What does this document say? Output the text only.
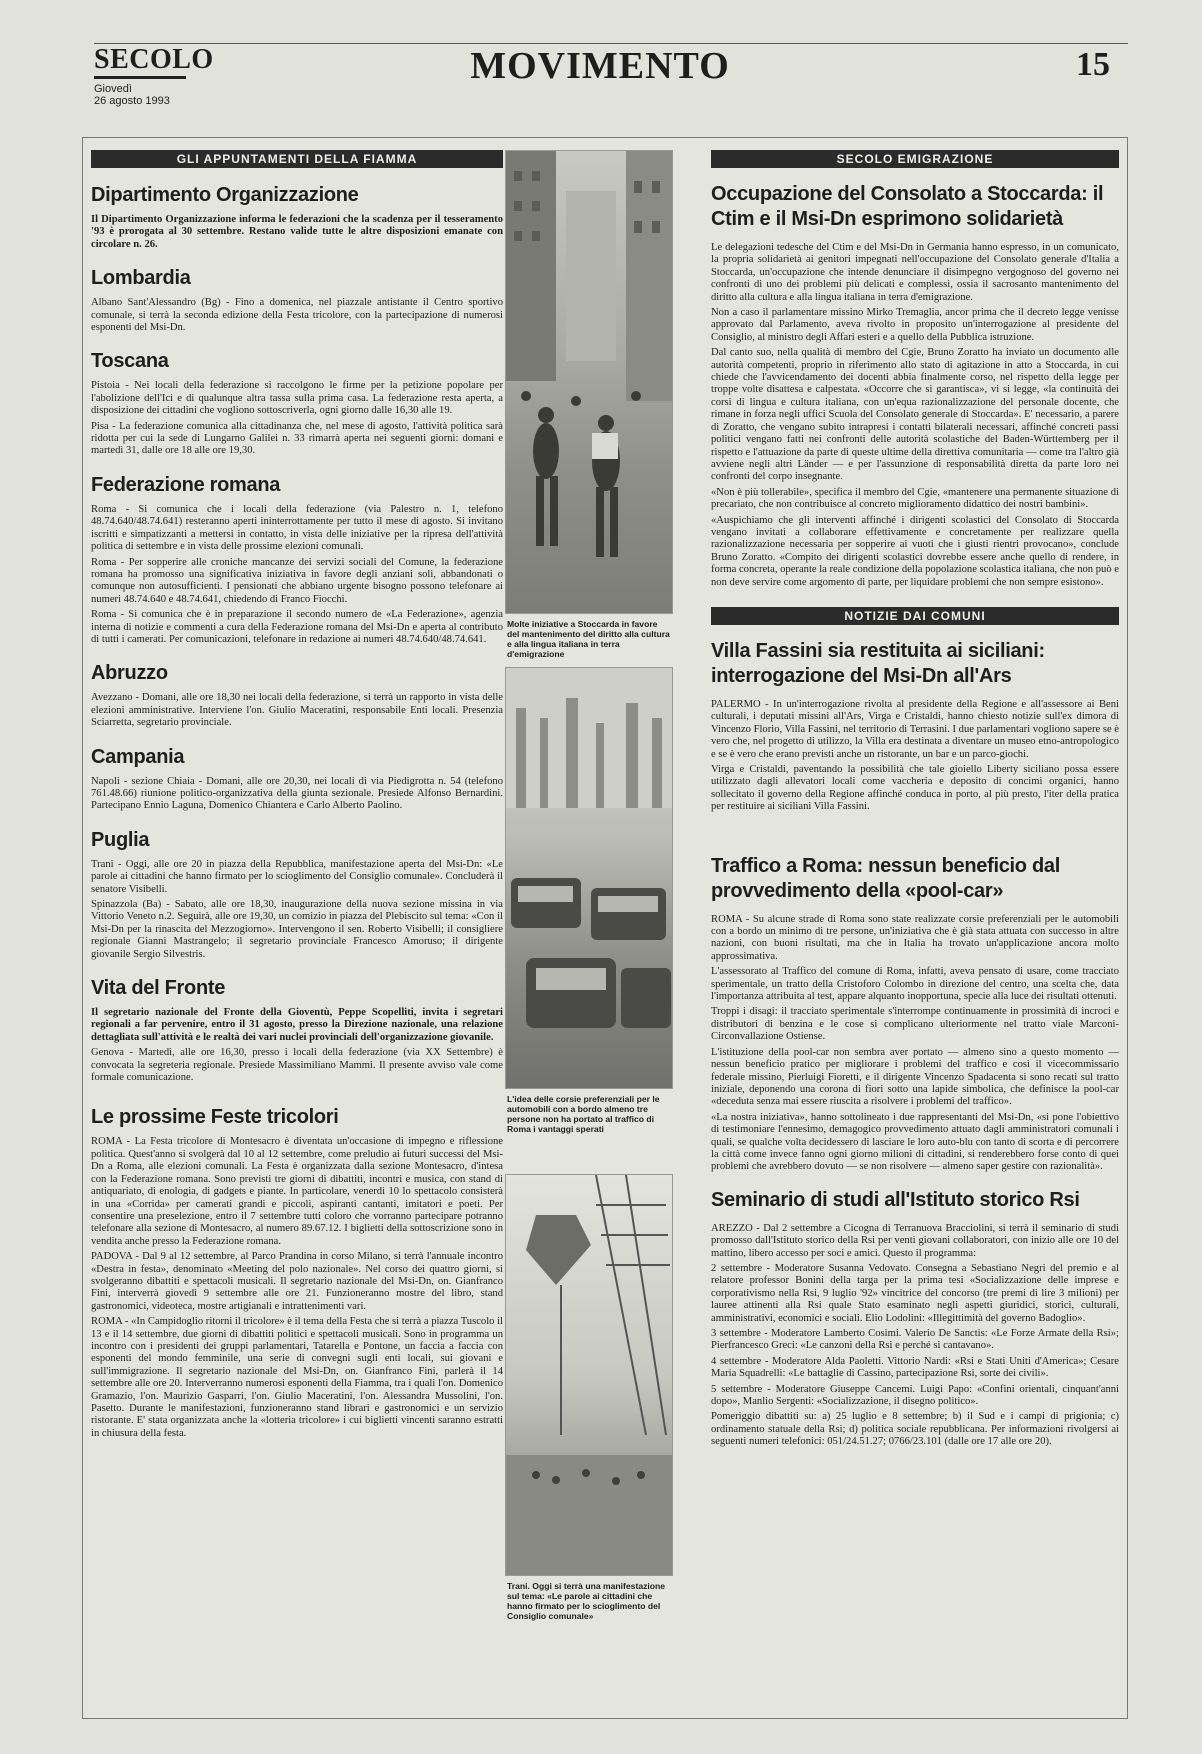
SECOLO
Giovedì
26 agosto 1993
MOVIMENTO	15
GLI APPUNTAMENTI DELLA FIAMMA
Dipartimento Organizzazione

Il Dipartimento Organizzazione informa le federazioni che la scadenza per il tesseramento '93 è prorogata al 30 settembre. Restano valide tutte le altre disposizioni emanate con circolare n. 26.

Lombardia

Albano Sant'Alessandro (Bg) - Fino a domenica, nel piazzale antistante il Centro sportivo comunale, si terrà la seconda edizione della Festa tricolore, con la partecipazione di numerosi esponenti del Msi-Dn.

Toscana

Pistoia - Nei locali della federazione si raccolgono le firme per la petizione popolare per l'abolizione dell'Ici e di qualunque altra tassa sulla prima casa. La federazione resta aperta, a disposizione dei cittadini che vogliono sottoscriverla, ogni giorno dalle 16,30 alle 19.

Pisa - La federazione comunica alla cittadinanza che, nel mese di agosto, l'attività politica sarà ridotta per cui la sede di Lungarno Galilei n. 33 rimarrà aperta nei seguenti giorni: domani e martedì 31, dalle ore 18 alle ore 19,30.

Federazione romana

Roma - Si comunica che i locali della federazione (via Palestro n. 1, telefono 48.74.640/48.74.641) resteranno aperti ininterrottamente per tutto il mese di agosto. Si invitano iscritti e simpatizzanti a mettersi in contatto, in vista delle iniziative per la ripresa dell'attività politica di settembre e in vista delle prossime elezioni comunali.

Roma - Per sopperire alle croniche mancanze dei servizi sociali del Comune, la federazione romana ha promosso una significativa iniziativa in favore degli anziani soli, abbandonati o comunque non autosufficienti. I pensionati che abbiano urgente bisogno possono telefonare ai numeri 48.74.640 e 48.74.641, chiedendo di Franco Fiocchi.

Roma - Si comunica che è in preparazione il secondo numero de «La Federazione», agenzia interna di notizie e commenti a cura della Federazione romana del Msi-Dn e aperta al contributo di tutti i camerati. Per comunicazioni, telefonare in redazione ai numeri 48.74.640/48.74.641.

Abruzzo

Avezzano - Domani, alle ore 18,30 nei locali della federazione, si terrà un rapporto in vista delle elezioni amministrative. Interviene l'on. Giulio Maceratini, responsabile Enti locali. Presenzia Sciarretta, segretario provinciale.

Campania

Napoli - sezione Chiaia - Domani, alle ore 20,30, nei locali di via Piedigrotta n. 54 (telefono 761.48.66) riunione politico-organizzativa della giunta sezionale. Presiede Alfonso Bernardini. Partecipano Ennio Laguna, Domenico Chiantera e Carlo Alberto Paolino.

Puglia

Trani - Oggi, alle ore 20 in piazza della Repubblica, manifestazione aperta del Msi-Dn: «Le parole ai cittadini che hanno firmato per lo scioglimento del Consiglio comunale». Concluderà il senatore Visibelli.

Spinazzola (Ba) - Sabato, alle ore 18,30, inaugurazione della nuova sezione missina in via Vittorio Veneto n.2. Seguirà, alle ore 19,30, un comizio in piazza del Plebiscito sul tema: «Con il Msi-Dn per la rinascita del Mezzogiorno». Intervengono il sen. Roberto Visibelli; il consigliere regionale Gianni Mastrangelo; il segretario provinciale Francesco Amoruso; il dirigente giovanile Sergio Silvestris.

Vita del Fronte

Il segretario nazionale del Fronte della Gioventù, Peppe Scopelliti, invita i segretari regionali a far pervenire, entro il 31 agosto, presso la Direzione nazionale, una relazione dettagliata sull'attività e le realtà dei vari nuclei provinciali dell'organizzazione giovanile.

Genova - Martedì, alle ore 16,30, presso i locali della federazione (via XX Settembre) è convocata la segreteria regionale. Presiede Massimiliano Mammi. Il presente avviso vale come formale comunicazione.

Le prossime Feste tricolori

ROMA - La Festa tricolore di Montesacro è diventata un'occasione di impegno e riflessione politica. Quest'anno si svolgerà dal 10 al 12 settembre, come preludio ai futuri successi del Msi-Dn a Roma, alle elezioni comunali. La Festa è organizzata dalla sezione Montesacro, d'intesa con la Federazione romana. Sono previsti tre giorni di dibattiti, incontri e musica, con stand di antiquariato, di enologia, di gadgets e piante. In particolare, venerdì 10 lo spettacolo consisterà in una «Corrida» per camerati grandi e piccoli, aspiranti cantanti, imitatori e poeti. Per consentire una preselezione, entro il 7 settembre tutti coloro che vorranno partecipare potranno telefonare alla sezione di Montesacro, al numero 89.67.12. I biglietti della sottoscrizione sono in vendita anche presso la Federazione romana.

PADOVA - Dal 9 al 12 settembre, al Parco Prandina in corso Milano, si terrà l'annuale incontro «Destra in festa», denominato «Meeting del polo nazionale». Nel corso dei quattro giorni, si svolgeranno dibattiti e spettacoli musicali. Il segretario nazionale del Msi-Dn, on. Gianfranco Fini, interverrà giovedì 9 settembre alle ore 21. Funzioneranno mostre del libro, stand gastronomici, videoteca, mostre artigianali e intrattenimenti vari.

ROMA - «In Campidoglio ritorni il tricolore» è il tema della Festa che si terrà a piazza Tuscolo il 13 e il 14 settembre, due giorni di dibattiti politici e spettacoli musicali. Sono in programma un incontro con i presidenti dei gruppi parlamentari, Tatarella e Pontone, un faccia a faccia con esponenti del mondo femminile, una serie di convegni sugli enti locali, sui giovani e sull'immigrazione. Il segretario nazionale del Msi-Dn, on. Gianfranco Fini, parlerà il 14 settembre alle ore 20. Interverranno numerosi esponenti della Fiamma, tra i quali l'on. Domenico Gramazio, l'on. Maurizio Gasparri, l'on. Giulio Maceratini, l'on. Alessandra Mussolini, l'on. Pasetto. Durante le manifestazioni, funzioneranno stand librari e gastronomici e un servizio ristorante. E' stata organizzata anche la «lotteria tricolore» i cui biglietti vincenti saranno estratti in chiusura della festa.

Molte iniziative a Stoccarda in favore del mantenimento del diritto alla cultura e alla lingua italiana in terra d'emigrazione
L'idea delle corsie preferenziali per le automobili con a bordo almeno tre persone non ha portato al traffico di Roma i vantaggi sperati
Trani. Oggi si terrà una manifestazione sul tema: «Le parole ai cittadini che hanno firmato per lo scioglimento del Consiglio comunale»
SECOLO EMIGRAZIONE
Occupazione del Consolato a Stoccarda: il Ctim e il Msi-Dn esprimono solidarietà

Le delegazioni tedesche del Ctim e del Msi-Dn in Germania hanno espresso, in un comunicato, la propria solidarietà ai genitori impegnati nell'occupazione del Consolato generale d'Italia a Stoccarda, un'occupazione che intende denunciare il disimpegno vergognoso del governo nei confronti di uno dei problemi più delicati e complessi, ossia il sacrosanto mantenimento del diritto alla cultura e alla lingua italiana in terra d'emigrazione.

Non a caso il parlamentare missino Mirko Tremaglia, ancor prima che il decreto legge venisse approvato dal Parlamento, aveva rivolto in proposito un'interrogazione al presidente del Consiglio, al ministro degli Affari esteri e a quello della Pubblica istruzione.

Dal canto suo, nella qualità di membro del Cgie, Bruno Zoratto ha inviato un documento alle autorità competenti, proprio in riferimento allo stato di agitazione in atto a Stoccarda, in cui chiede che l'avvicendamento dei docenti abbia finalmente corso, nel rispetto della legge per troppe volte disattesa e calpestata. «Occorre che si garantisca», vi si legge, «la continuità dei corsi di lingua e cultura italiana, con un'equa razionalizzazione del personale docente, che rimane in forza negli uffici Scuola del Consolato generale di Stoccarda». E' necessario, a parere di Zoratto, che vengano subito intrapresi i contatti bilaterali necessari, affinché concreti passi politici vengano fatti nei confronti delle autorità scolastiche del Baden-Württemberg per il rispetto e l'attuazione da parte di queste ultime della direttiva comunitaria — come tra l'altro già avviene negli altri Länder — e per l'assunzione di responsabilità diretta da parte loro nei confronti del corpo insegnante.

«Non è più tollerabile», specifica il membro del Cgie, «mantenere una permanente situazione di precariato, che non contribuisce al concreto miglioramento didattico dei nostri bambini».

«Auspichiamo che gli interventi affinché i dirigenti scolastici del Consolato di Stoccarda vengano invitati a collaborare effettivamente e concretamente per realizzare quella razionalizzazione necessaria per sopperire ai vuoti che i giusti rientri provocano», conclude Bruno Zoratto. «Compito dei dirigenti scolastici dovrebbe essere anche quello di rendere, in forma concreta, operante la reale condizione della popolazione scolastica italiana, che non può e non deve servire come argomento di parte, per liquidare problemi che non sempre esistono».

NOTIZIE DAI COMUNI
Villa Fassini sia restituita ai siciliani: interrogazione del Msi-Dn all'Ars

PALERMO - In un'interrogazione rivolta al presidente della Regione e all'assessore ai Beni culturali, i deputati missini all'Ars, Virga e Cristaldi, hanno chiesto notizie sull'ex dimora di Vincenzo Florio, Villa Fassini, nel territorio di Terrasini. I due parlamentari vogliono sapere se è vero che, nel progetto di utilizzo, la Villa era destinata a diventare un museo etno-antropologico e se è vero che erano previsti anche un ristorante, un bar e un parco-giochi.

Virga e Cristaldi, paventando la possibilità che tale gioiello Liberty siciliano possa essere utilizzato dagli allevatori locali come vaccheria e deposito di concimi organici, hanno sollecitato il governo della Regione affinché conduca in porto, al più presto, l'iter della pratica per restituire ai siciliani Villa Fassini.

Traffico a Roma: nessun beneficio dal provvedimento della «pool-car»

ROMA - Su alcune strade di Roma sono state realizzate corsie preferenziali per le automobili con a bordo un minimo di tre persone, un'iniziativa che è già stata attuata con successo in altre nazioni, con buoni risultati, ma che in Italia ha trovato un'applicazione ancora molto approssimativa.

L'assessorato al Traffico del comune di Roma, infatti, aveva pensato di usare, come tracciato sperimentale, un tratto della Cristoforo Colombo in direzione del centro, una scelta che, data l'importanza attribuita al test, appare alquanto inopportuna, specie alla luce dei risultati ottenuti.

Troppi i disagi: il tracciato sperimentale s'interrompe continuamente in prossimità di incroci e distributori di benzina e le cose si complicano ulteriormente nel tratto viale Marconi-Circonvallazione Ostiense.

L'istituzione della pool-car non sembra aver portato — almeno sino a questo momento — nessun beneficio pratico per migliorare i problemi del traffico e così il vicecommissario federale missino, Pierluigi Fioretti, e il dirigente Vincenzo Spadacenta si sono recati sul tratto iniziale, deponendo una corona di fiori sotto una lapide simbolica, che definisce la pool-car «deceduta senza mai essere riuscita a risolvere i problemi del traffico».

«La nostra iniziativa», hanno sottolineato i due rappresentanti del Msi-Dn, «si pone l'obiettivo di testimoniare l'ennesimo, demagogico provvedimento attuato dagli amministratori comunali i quali, se qualche volta decidessero di lasciare le loro auto-blu con tanto di scorta e di percorrere la città come invece fanno ogni giorno milioni di cittadini, si renderebbero forse conto di quei problemi che avrebbero dovuto — se non risolvere — almeno saper gestire con razionalità».

Seminario di studi all'Istituto storico Rsi

AREZZO - Dal 2 settembre a Cicogna di Terranuova Bracciolini, si terrà il seminario di studi promosso dall'Istituto storico della Rsi per venti giovani collaboratori, con inizio alle ore 10 del mattino, libero accesso per soci e amici. Questo il programma:

2 settembre - Moderatore Susanna Vedovato. Consegna a Sebastiano Negri del premio e al relatore professor Bonini della targa per la prima tesi «Socializzazione delle imprese e corporativismo nella Rsi, 9 luglio '92» vincitrice del concorso (tre premi di lire 3 milioni) per lauree attinenti alla Rsi quale Stato esaminato negli aspetti giuridici, storici, culturali, amministrativi, economici e sociali. Elio Lodolini: «Illegittimità del governo Badoglio».

3 settembre - Moderatore Lamberto Cosimi. Valerio De Sanctis: «Le Forze Armate della Rsi»; Pierfrancesco Greci: «Le canzoni della Rsi e perché si cantavano».

4 settembre - Moderatore Alda Paoletti. Vittorio Nardi: «Rsi e Stati Uniti d'America»; Cesare Maria Squadrelli: «Le battaglie di Cassino, partecipazione Rsi, sorte dei civili».

5 settembre - Moderatore Giuseppe Cancemi. Luigi Papo: «Confini orientali, cinquant'anni dopo», Manlio Sergenti: «Socializzazione, il disegno politico».

Pomeriggio dibattiti su: a) 25 luglio e 8 settembre; b) il Sud e i campi di prigionia; c) ordinamento statuale della Rsi; d) politica sociale repubblicana. Per informazioni rivolgersi ai seguenti numeri telefonici: 051/24.51.27; 0766/23.101 (dalle ore 17 alle ore 20).
